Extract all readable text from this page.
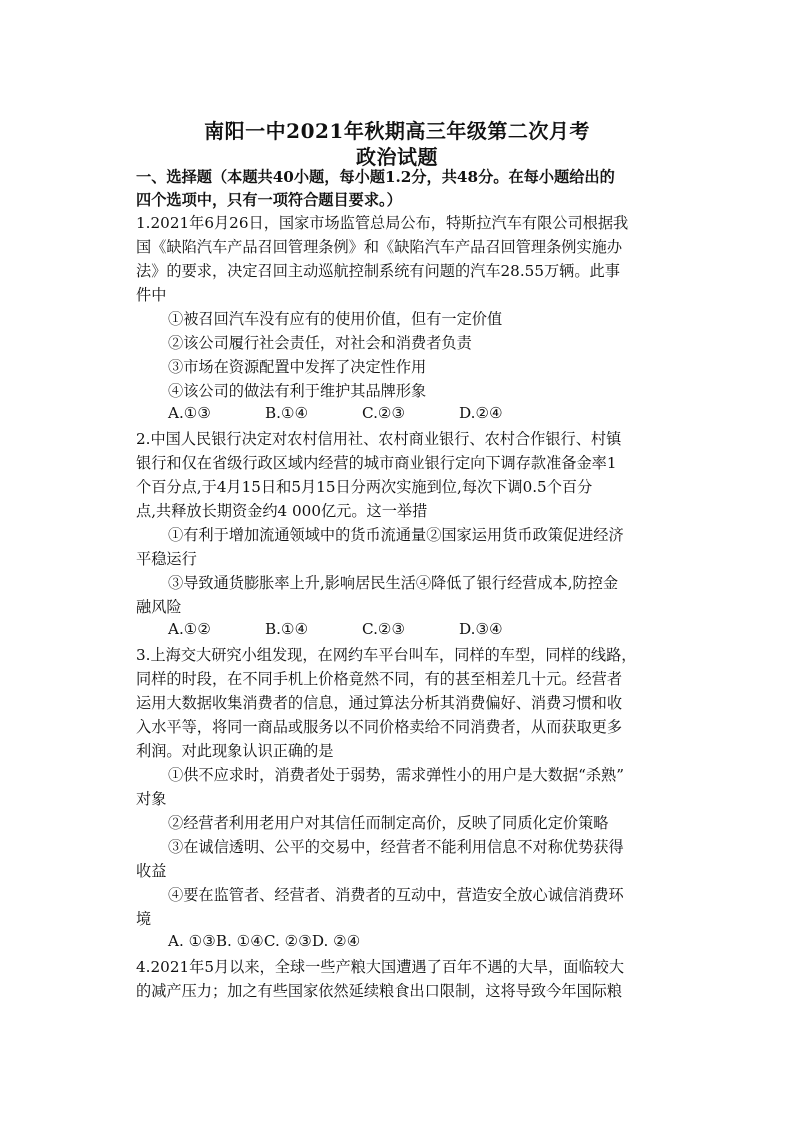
南阳一中2021年秋期高三年级第二次月考
政治试题
一、选择题（本题共40小题，每小题1.2分，共48分。在每小题给出的
四个选项中，只有一项符合题目要求。）
1.2021年6月26日，国家市场监管总局公布，特斯拉汽车有限公司根据我
国《缺陷汽车产品召回管理条例》和《缺陷汽车产品召回管理条例实施办
法》的要求，决定召回主动巡航控制系统有问题的汽车28.55万辆。此事
件中
①被召回汽车没有应有的使用价值，但有一定价值
②该公司履行社会责任，对社会和消费者负责
③市场在资源配置中发挥了决定性作用
④该公司的做法有利于维护其品牌形象
A.①③	B.①④	C.②③	D.②④
2.中国人民银行决定对农村信用社、农村商业银行、农村合作银行、村镇
银行和仅在省级行政区域内经营的城市商业银行定向下调存款准备金率1
个百分点,于4月15日和5月15日分两次实施到位,每次下调0.5个百分
点,共释放长期资金约4 000亿元。这一举措
①有利于增加流通领域中的货币流通量②国家运用货币政策促进经济
平稳运行
③导致通货膨胀率上升,影响居民生活④降低了银行经营成本,防控金
融风险
A.①②	B.①④	C.②③	D.③④
3.上海交大研究小组发现，在网约车平台叫车，同样的车型，同样的线路，
同样的时段，在不同手机上价格竟然不同，有的甚至相差几十元。经营者
运用大数据收集消费者的信息，通过算法分析其消费偏好、消费习惯和收
入水平等，将同一商品或服务以不同价格卖给不同消费者，从而获取更多
利润。对此现象认识正确的是
①供不应求时，消费者处于弱势，需求弹性小的用户是大数据“杀熟”
对象
②经营者利用老用户对其信任而制定高价，反映了同质化定价策略
③在诚信透明、公平的交易中，经营者不能利用信息不对称优势获得
收益
④要在监管者、经营者、消费者的互动中，营造安全放心诚信消费环
境
A. ①③B. ①④C. ②③D. ②④
4.2021年5月以来，全球一些产粮大国遭遇了百年不遇的大旱，面临较大
的减产压力；加之有些国家依然延续粮食出口限制，这将导致今年国际粮
